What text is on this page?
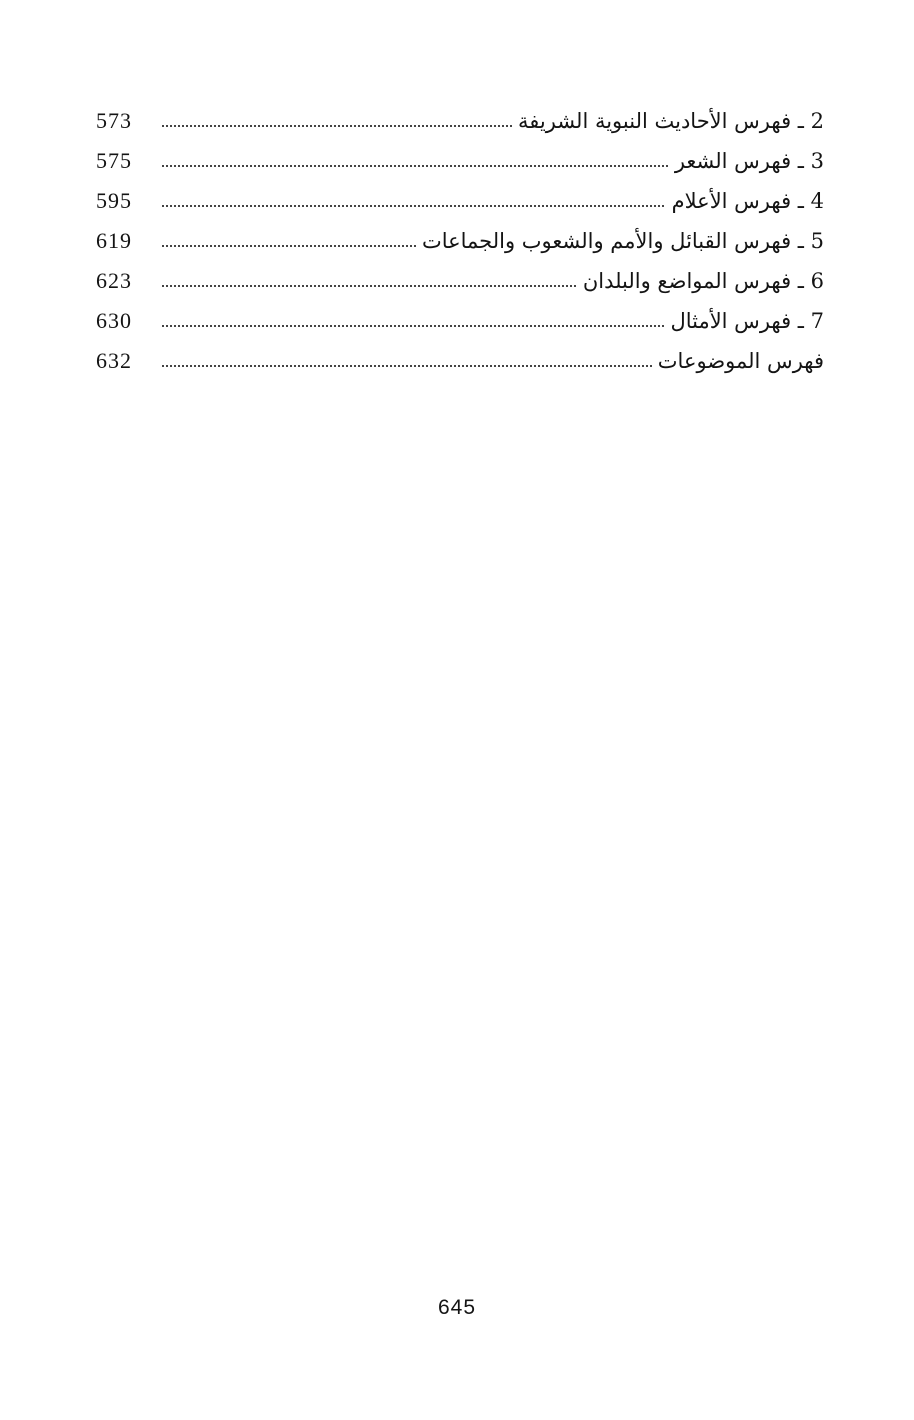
2 ـ فهرس الأحاديث النبوية الشريفة
573
3 ـ فهرس الشعر
575
4 ـ فهرس الأعلام
595
5 ـ فهرس القبائل والأمم والشعوب والجماعات
619
6 ـ فهرس المواضع والبلدان
623
7 ـ فهرس الأمثال
630
فهرس الموضوعات
632
645
